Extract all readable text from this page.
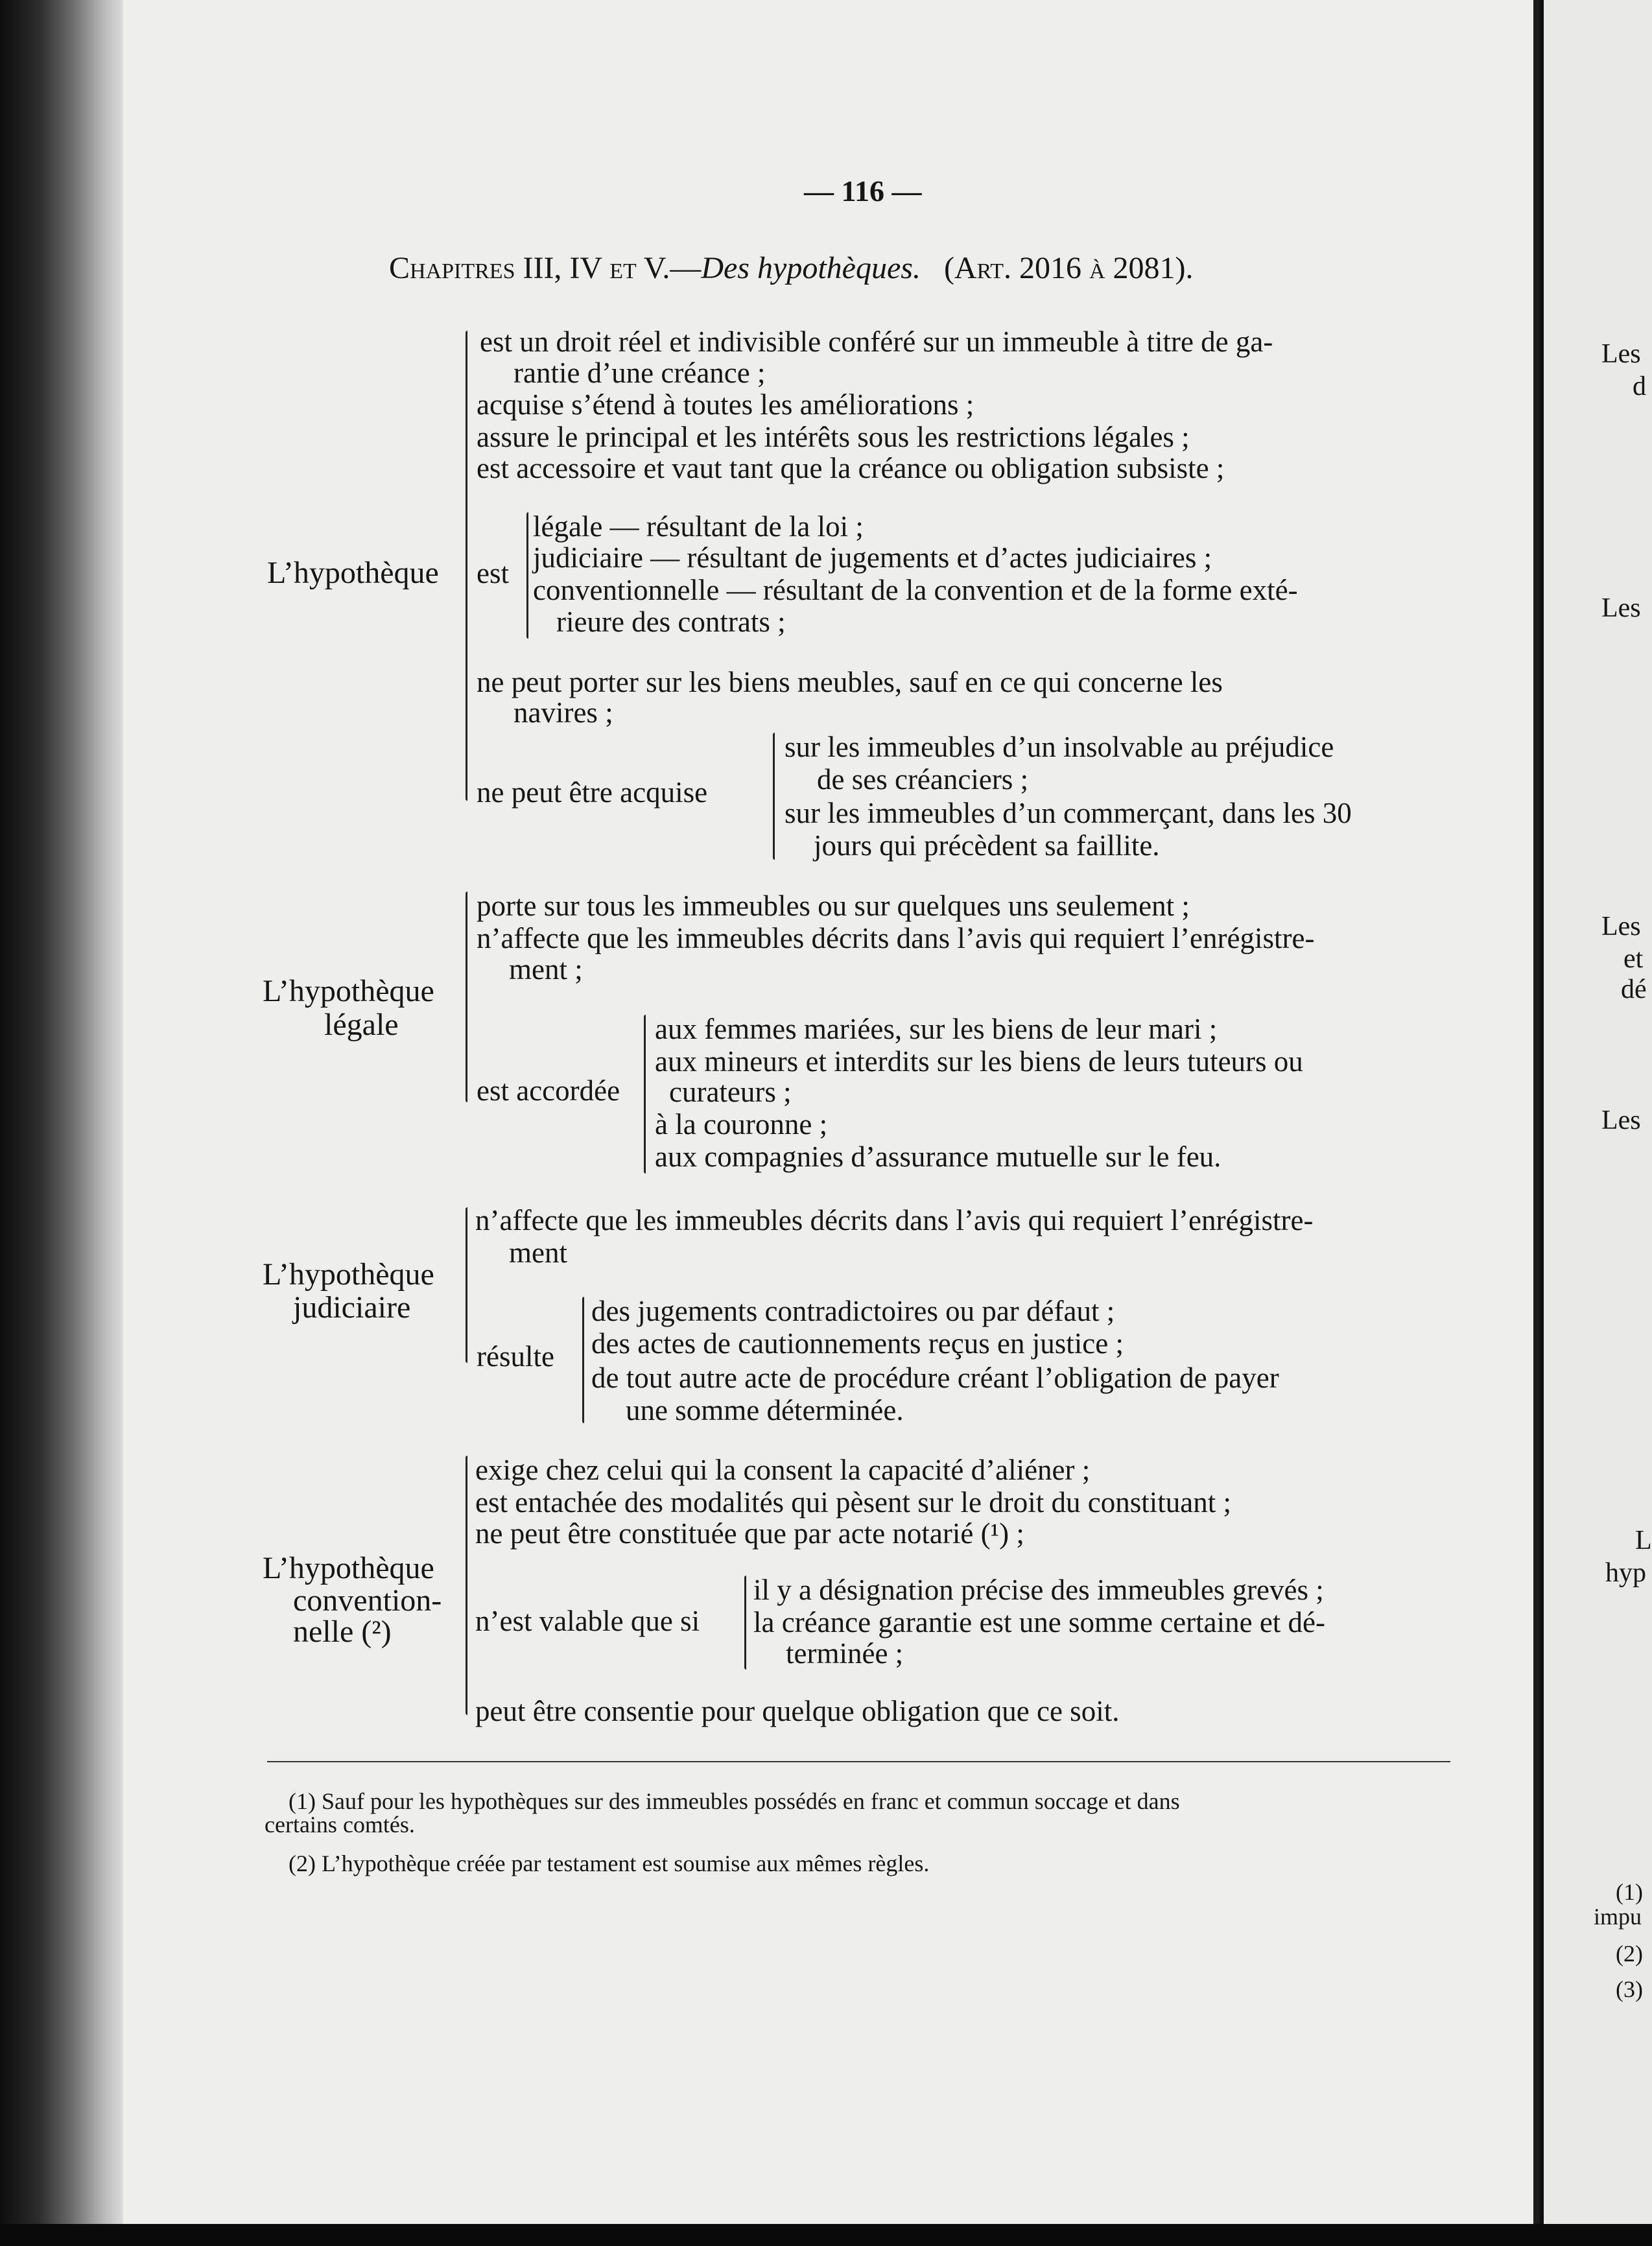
— 116 —
Chapitres III, IV et V.—Des hypothèques. (Art. 2016 à 2081).
L’hypothèque
est un droit réel et indivisible conféré sur un immeuble à titre de ga-
rantie d’une créance ;
acquise s’étend à toutes les améliorations ;
assure le principal et les intérêts sous les restrictions légales ;
est accessoire et vaut tant que la créance ou obligation subsiste ;
est
légale — résultant de la loi ;
judiciaire — résultant de jugements et d’actes judiciaires ;
conventionnelle — résultant de la convention et de la forme exté-
rieure des contrats ;
ne peut porter sur les biens meubles, sauf en ce qui concerne les
navires ;
ne peut être acquise
sur les immeubles d’un insolvable au préjudice
de ses créanciers ;
sur les immeubles d’un commerçant, dans les 30
jours qui précèdent sa faillite.
L’hypothèque
légale
porte sur tous les immeubles ou sur quelques uns seulement ;
n’affecte que les immeubles décrits dans l’avis qui requiert l’enrégistre-
ment ;
est accordée
aux femmes mariées, sur les biens de leur mari ;
aux mineurs et interdits sur les biens de leurs tuteurs ou
curateurs ;
à la couronne ;
aux compagnies d’assurance mutuelle sur le feu.
L’hypothèque
judiciaire
n’affecte que les immeubles décrits dans l’avis qui requiert l’enrégistre-
ment
résulte
des jugements contradictoires ou par défaut ;
des actes de cautionnements reçus en justice ;
de tout autre acte de procédure créant l’obligation de payer
une somme déterminée.
L’hypothèque
convention-
nelle (²)
exige chez celui qui la consent la capacité d’aliéner ;
est entachée des modalités qui pèsent sur le droit du constituant ;
ne peut être constituée que par acte notarié (¹) ;
n’est valable que si
il y a désignation précise des immeubles grevés ;
la créance garantie est une somme certaine et dé-
terminée ;
peut être consentie pour quelque obligation que ce soit.
(1) Sauf pour les hypothèques sur des immeubles possédés en franc et commun soccage et dans
certains comtés.
(2) L’hypothèque créée par testament est soumise aux mêmes règles.
Les
d
Les
Les
et
dé
Les
L
hyp
(1)
impu
(2)
(3)
